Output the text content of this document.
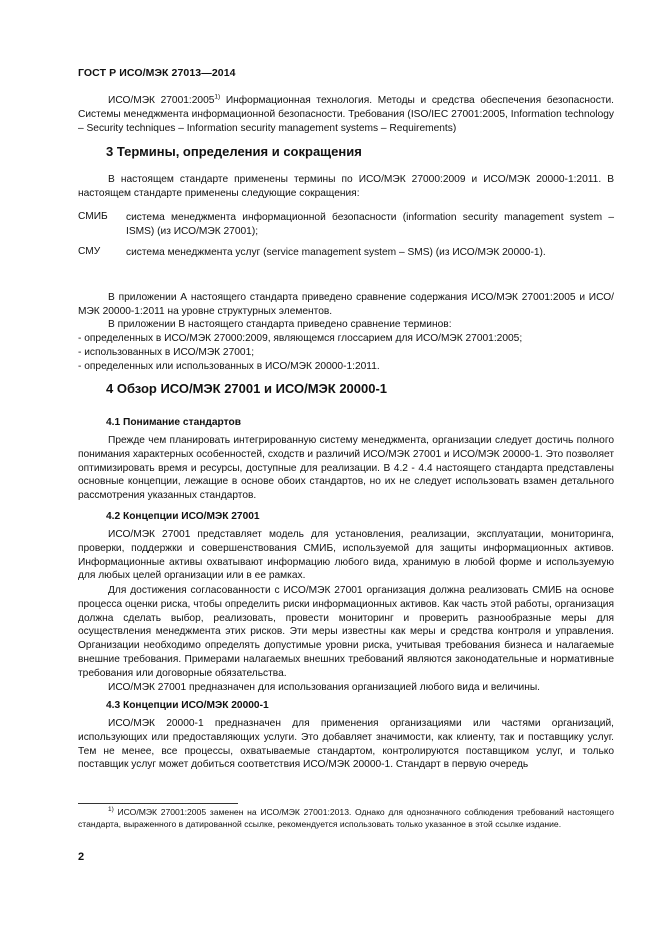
ГОСТ Р ИСО/МЭК 27013—2014
ИСО/МЭК 27001:2005$^{1)}$ Информационная технология. Методы и средства обеспечения безопасности. Системы менеджмента информационной безопасности. Требования (ISO/IEC 27001:2005, Information technology – Security techniques – Information security management systems – Requirements)
3 Термины, определения и сокращения
В настоящем стандарте применены термины по ИСО/МЭК 27000:2009 и ИСО/МЭК 20000-1:2011. В настоящем стандарте применены следующие сокращения:
СМИБ система менеджмента информационной безопасности (information security management system – ISMS) (из ИСО/МЭК 27001);
СМУ	система менеджмента услуг (service management system – SMS) (из ИСО/МЭК 20000-1).
В приложении А настоящего стандарта приведено сравнение содержания ИСО/МЭК 27001:2005 и ИСО/МЭК 20000-1:2011 на уровне структурных элементов.
В приложении В настоящего стандарта приведено сравнение терминов:
- определенных в ИСО/МЭК 27000:2009, являющемся глоссарием для ИСО/МЭК 27001:2005;
- использованных в ИСО/МЭК 27001;
- определенных или использованных в ИСО/МЭК 20000-1:2011.
4 Обзор ИСО/МЭК 27001 и ИСО/МЭК 20000-1
4.1 Понимание стандартов
Прежде чем планировать интегрированную систему менеджмента, организации следует достичь полного понимания характерных особенностей, сходств и различий ИСО/МЭК 27001 и ИСО/МЭК 20000-1. Это позволяет оптимизировать время и ресурсы, доступные для реализации. В 4.2 - 4.4 настоящего стандарта представлены основные концепции, лежащие в основе обоих стандартов, но их не следует использовать взамен детального рассмотрения указанных стандартов.
4.2 Концепции ИСО/МЭК 27001
ИСО/МЭК 27001 представляет модель для установления, реализации, эксплуатации, мониторинга, проверки, поддержки и совершенствования СМИБ, используемой для защиты информационных активов. Информационные активы охватывают информацию любого вида, хранимую в любой форме и используемую для любых целей организации или в ее рамках.
Для достижения согласованности с ИСО/МЭК 27001 организация должна реализовать СМИБ на основе процесса оценки риска, чтобы определить риски информационных активов. Как часть этой работы, организация должна сделать выбор, реализовать, провести мониторинг и проверить разнообразные меры для осуществления менеджмента этих рисков. Эти меры известны как меры и средства контроля и управления. Организации необходимо определять допустимые уровни риска, учитывая требования бизнеса и налагаемые внешние требования. Примерами налагаемых внешних требований являются законодательные и нормативные требования или договорные обязательства.
ИСО/МЭК 27001 предназначен для использования организацией любого вида и величины.
4.3 Концепции ИСО/МЭК 20000-1
ИСО/МЭК 20000-1 предназначен для применения организациями или частями организаций, использующих или предоставляющих услуги. Это добавляет значимости, как клиенту, так и поставщику услуг. Тем не менее, все процессы, охватываемые стандартом, контролируются поставщиком услуг, и только поставщик услуг может добиться соответствия ИСО/МЭК 20000-1. Стандарт в первую очередь
$^{1)}$ ИСО/МЭК 27001:2005 заменен на ИСО/МЭК 27001:2013. Однако для однозначного соблюдения требований настоящего стандарта, выраженного в датированной ссылке, рекомендуется использовать только указанное в этой ссылке издание.
2
